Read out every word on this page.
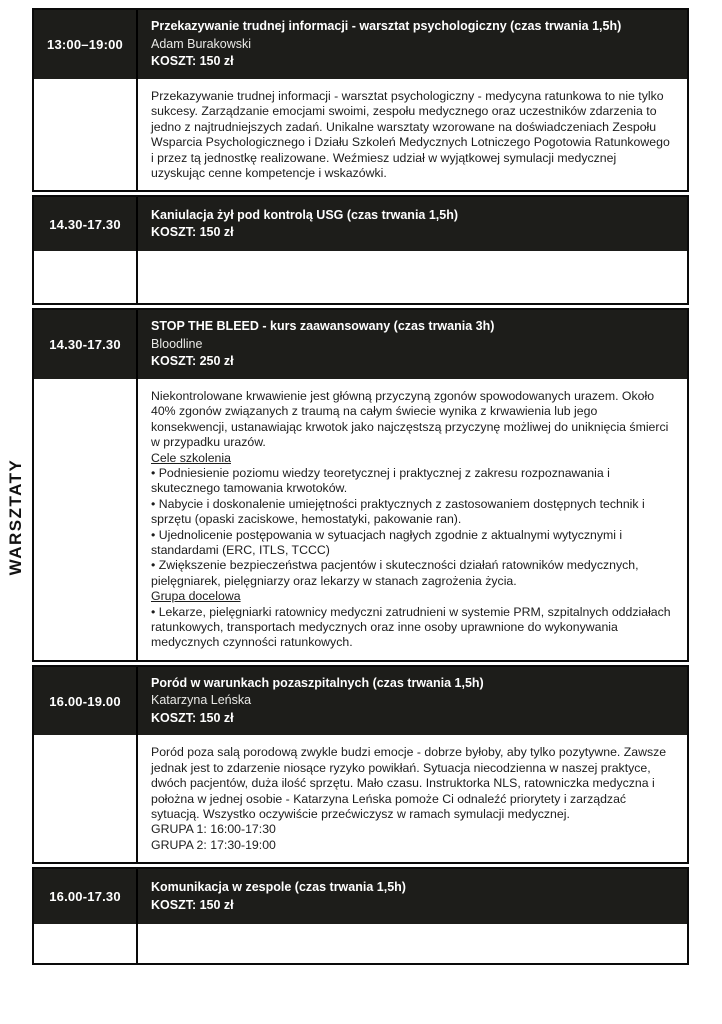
WARSZTATY
13:00–19:00
Przekazywanie trudnej informacji - warsztat psychologiczny (czas trwania 1,5h)
Adam Burakowski
KOSZT: 150 zł
Przekazywanie trudnej informacji - warsztat psychologiczny - medycyna ratunkowa to nie tylko sukcesy. Zarządzanie emocjami swoimi, zespołu medycznego oraz uczestników zdarzenia to jedno z najtrudniejszych zadań. Unikalne warsztaty wzorowane na doświadczeniach Zespołu Wsparcia Psychologicznego i Działu Szkoleń Medycznych Lotniczego Pogotowia Ratunkowego i przez tą jednostkę realizowane. Weźmiesz udział w wyjątkowej symulacji medycznej uzyskując cenne kompetencje i wskazówki.
14.30-17.30
Kaniulacja żył pod kontrolą USG (czas trwania 1,5h)
KOSZT: 150 zł
14.30-17.30
STOP THE BLEED - kurs zaawansowany (czas trwania 3h)
Bloodline
KOSZT: 250 zł
Niekontrolowane krwawienie jest główną przyczyną zgonów spowodowanych urazem. Około 40% zgonów związanych z traumą na całym świecie wynika z krwawienia lub jego konsekwencji, ustanawiając krwotok jako najczęstszą przyczynę możliwej do uniknięcia śmierci w przypadku urazów.
Cele szkolenia
• Podniesienie poziomu wiedzy teoretycznej i praktycznej z zakresu rozpoznawania i skutecznego tamowania krwotoków.
• Nabycie i doskonalenie umiejętności praktycznych z zastosowaniem dostępnych technik i sprzętu (opaski zaciskowe, hemostatyki, pakowanie ran).
• Ujednolicenie postępowania w sytuacjach nagłych zgodnie z aktualnymi wytycznymi i standardami (ERC, ITLS, TCCC)
• Zwiększenie bezpieczeństwa pacjentów i skuteczności działań ratowników medycznych, pielęgniarek, pielęgniarzy oraz lekarzy w stanach zagrożenia życia.
Grupa docelowa
• Lekarze, pielęgniarki ratownicy medyczni zatrudnieni w systemie PRM, szpitalnych oddziałach ratunkowych, transportach medycznych oraz inne osoby uprawnione do wykonywania medycznych czynności ratunkowych.
16.00-19.00
Poród w warunkach pozaszpitalnych (czas trwania 1,5h)
Katarzyna Leńska
KOSZT: 150 zł
Poród poza salą porodową zwykle budzi emocje - dobrze byłoby, aby tylko pozytywne. Zawsze jednak jest to zdarzenie niosące ryzyko powikłań. Sytuacja niecodzienna w naszej praktyce, dwóch pacjentów, duża ilość sprzętu. Mało czasu. Instruktorka NLS, ratowniczka medyczna i położna w jednej osobie - Katarzyna Leńska pomoże Ci odnaleźć priorytety i zarządzać sytuacją. Wszystko oczywiście przećwiczysz w ramach symulacji medycznej.
GRUPA 1: 16:00-17:30
GRUPA 2: 17:30-19:00
16.00-17.30
Komunikacja w zespole (czas trwania 1,5h)
KOSZT: 150 zł
